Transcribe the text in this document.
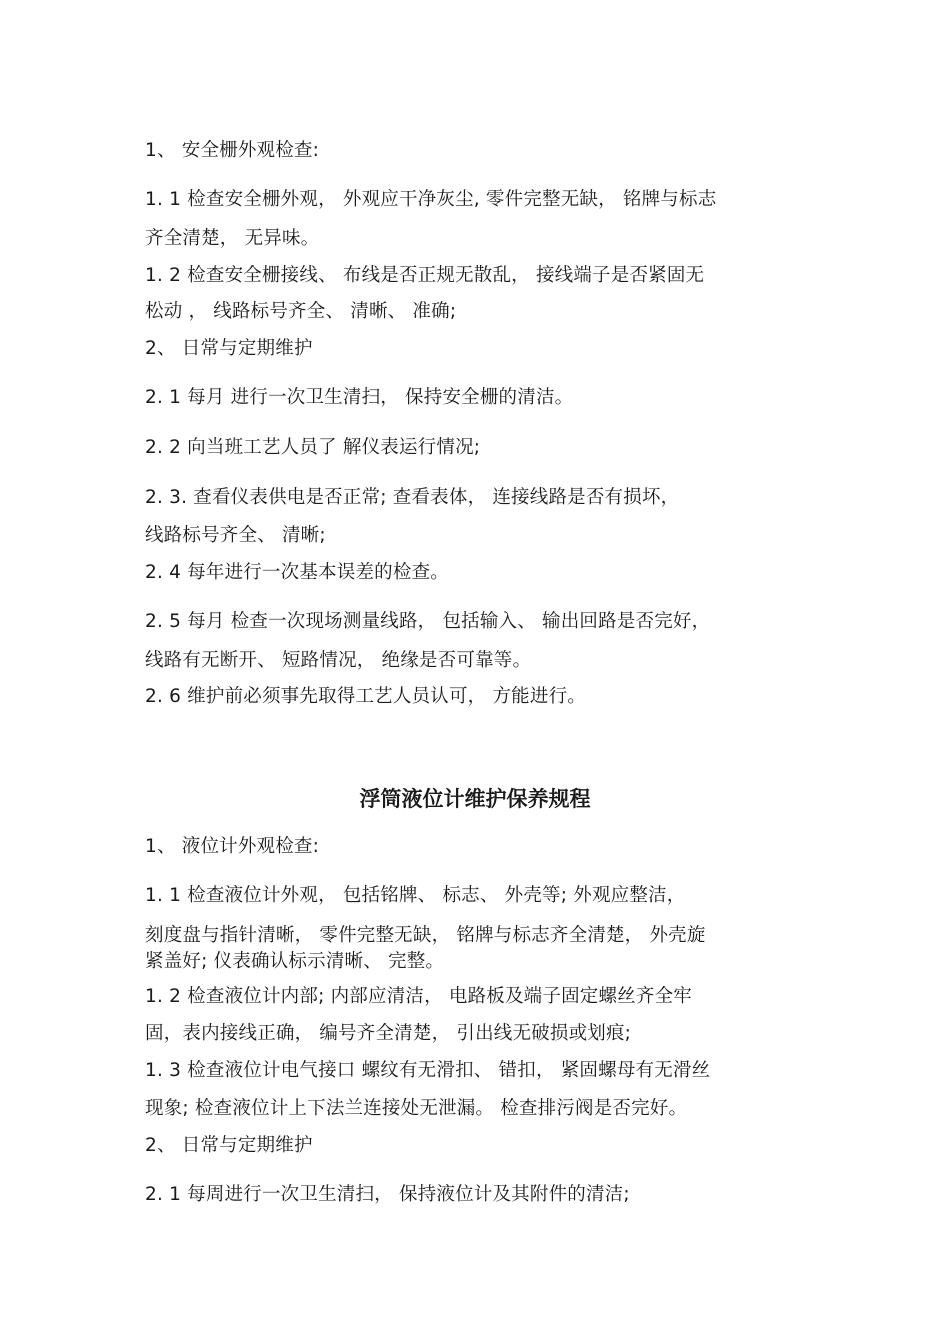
1、 安全栅外观检查:
1. 1 检查安全栅外观， 外观应干净灰尘, 零件完整无缺， 铭牌与标志
齐全清楚， 无异味。
1. 2 检查安全栅接线、 布线是否正规无散乱， 接线端子是否紧固无
松动 ， 线路标号齐全、 清晰、 准确;
2、 日常与定期维护
2. 1 每月 进行一次卫生清扫， 保持安全栅的清洁。
2. 2 向当班工艺人员了 解仪表运行情况;
2. 3. 查看仪表供电是否正常; 查看表体， 连接线路是否有损坏，
线路标号齐全、 清晰;
2. 4 每年进行一次基本误差的检查。
2. 5 每月 检查一次现场测量线路， 包括输入、 输出回路是否完好，
线路有无断开、 短路情况， 绝缘是否可靠等。
2. 6 维护前必须事先取得工艺人员认可， 方能进行。
浮筒液位计维护保养规程
1、 液位计外观检查:
1. 1 检查液位计外观， 包括铭牌、 标志、 外壳等; 外观应整洁，
刻度盘与指针清晰， 零件完整无缺， 铭牌与标志齐全清楚， 外壳旋
紧盖好; 仪表确认标示清晰、 完整。
1. 2 检查液位计内部; 内部应清洁， 电路板及端子固定螺丝齐全牢
固，表内接线正确， 编号齐全清楚， 引出线无破损或划痕;
1. 3 检查液位计电气接口 螺纹有无滑扣、 错扣， 紧固螺母有无滑丝
现象; 检查液位计上下法兰连接处无泄漏。 检查排污阀是否完好。
2、 日常与定期维护
2. 1 每周进行一次卫生清扫， 保持液位计及其附件的清洁;
